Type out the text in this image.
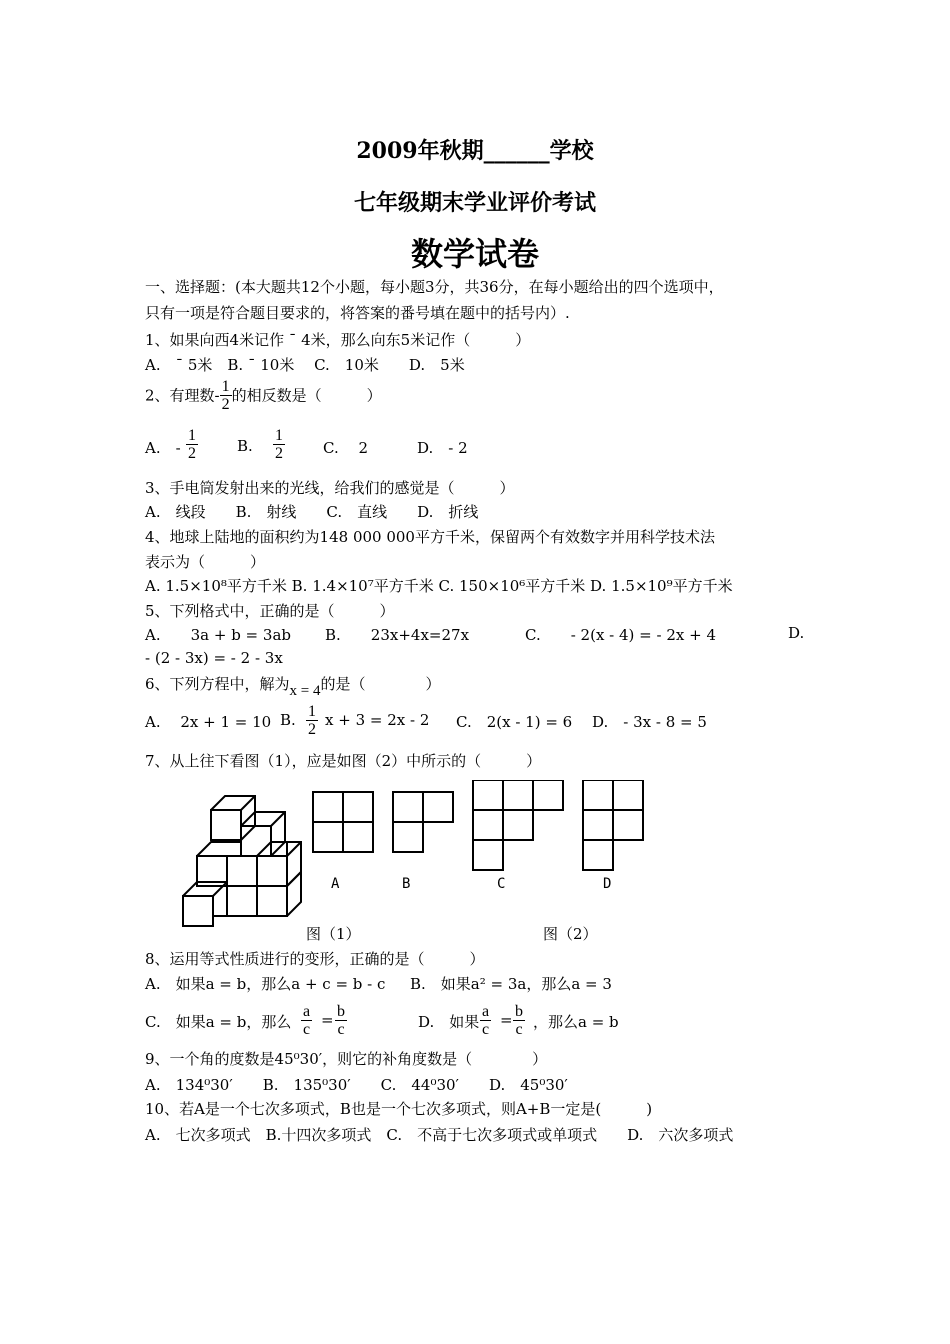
2009年秋期______学校
七年级期末学业评价考试
数学试卷
一、选择题：(本大题共12个小题，每小题3分，共36分，在每小题给出的四个选项中，
只有一项是符合题目要求的，将答案的番号填在题中的括号内）.
1、如果向西4米记作 ˉ 4米，那么向东5米记作（　　　）
A.　ˉ 5米　B. ˉ 10米　 C.　10米　　D.　5米
2、有理数- $\frac{1}{2}$ 的相反数是（　　　）
A.　- $\frac{1}{2}$	B. $\frac{1}{2}$	C.　 2	D.　- 2
3、手电筒发射出来的光线，给我们的感觉是（　　　）
A.　线段　　B.　射线　　C.　直线　　D.　折线
4、地球上陆地的面积约为148 000 000平方千米，保留两个有效数字并用科学技术法
表示为（　　　）
A. 1.5×10⁸平方千米 B. 1.4×10⁷平方千米 C. 150×10⁶平方千米 D. 1.5×10⁹平方千米
5、下列格式中，正确的是（　　　）
A.　　3a + b = 3ab B.　　23x+4x=27x	C.　　- 2(x - 4) = - 2x + 4	D.
- (2 - 3x) = - 2 - 3x
6、下列方程中，解为x = 4的是（　　　　）
A.　 2x + 1 = 10 B. $\frac{1}{2}$ x + 3 = 2x - 2 C.　2(x - 1) = 6 D.　- 3x - 8 = 5
7、从上往下看图（1），应是如图（2）中所示的（　　　）
A	B	C	D
图（1）	图（2）
8、运用等式性质进行的变形，正确的是（　　　）
A.　如果a = b，那么a + c = b - c B.　如果a² = 3a，那么a = 3
C.　如果a = b，那么 $\frac{a}{c} = \frac{b}{c}$	D.　如果 $\frac{a}{c} = \frac{b}{c}$ ，那么a = b
9、一个角的度数是45⁰30′，则它的补角度数是（　　　　）
A.　134⁰30′　　B.　135⁰30′　　C.　44⁰30′　　D.　45⁰30′
10、若A是一个七次多项式，B也是一个七次多项式，则A+B一定是(　　　)
A.　七次多项式　B.十四次多项式　C.　不高于七次多项式或单项式　　D.　六次多项式
